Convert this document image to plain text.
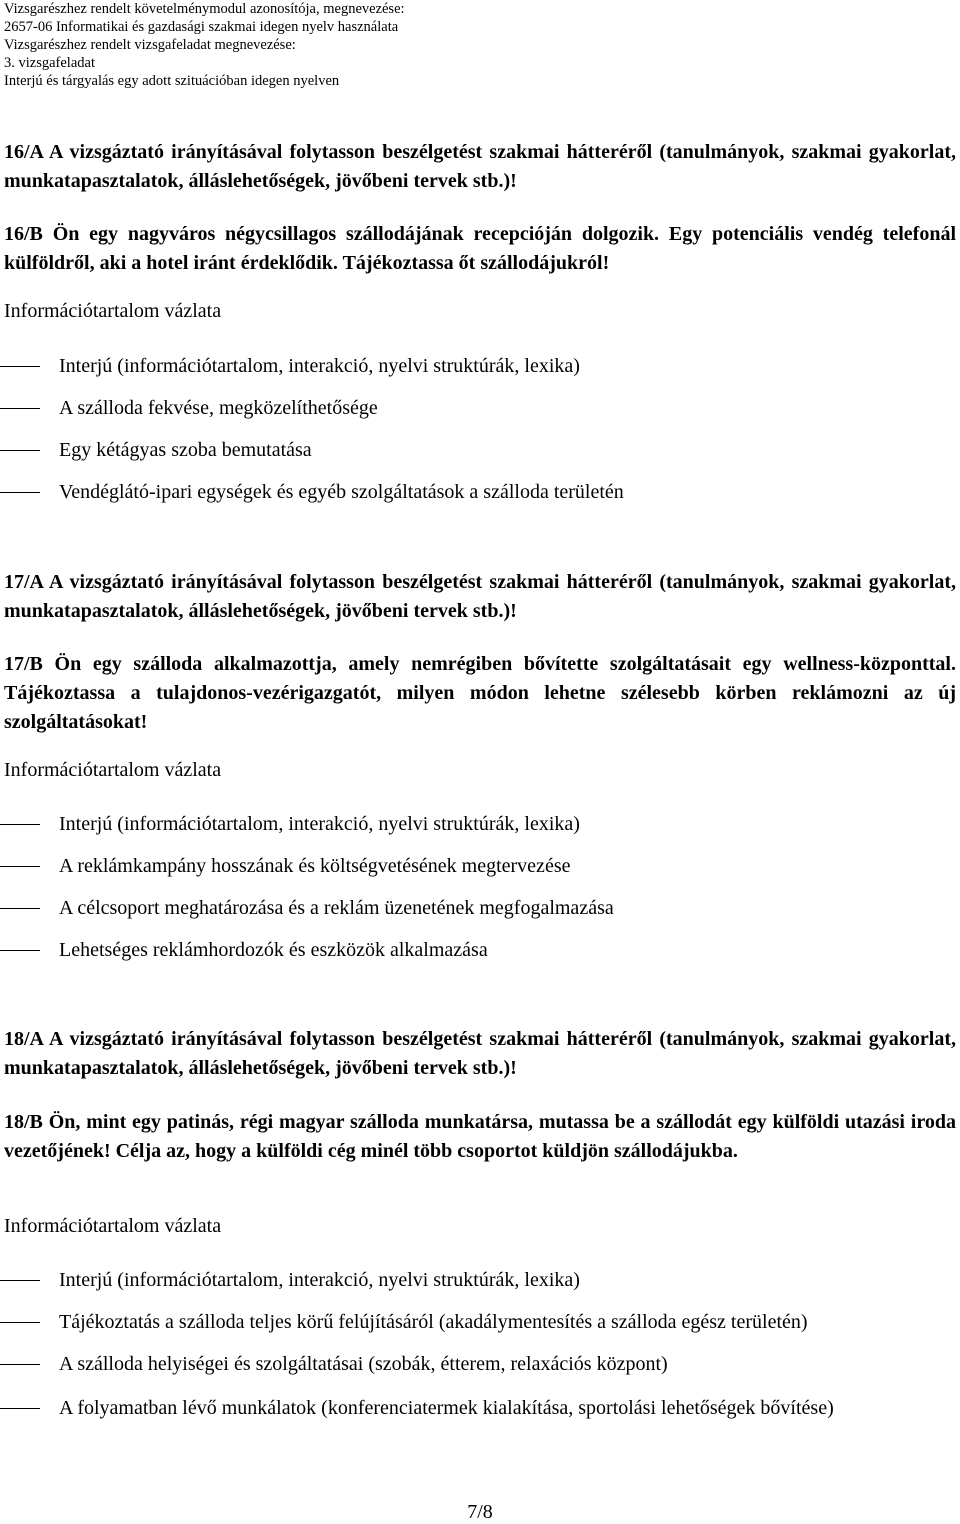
Vizsgarészhez rendelt követelménymodul azonosítója, megnevezése:
2657-06 Informatikai és gazdasági szakmai idegen nyelv használata
Vizsgarészhez rendelt vizsgafeladat megnevezése:
3. vizsgafeladat
Interjú és tárgyalás egy adott szituációban idegen nyelven
16/A A vizsgáztató irányításával folytasson beszélgetést szakmai hátteréről (tanulmányok, szakmai gyakorlat, munkatapasztalatok, álláslehetőségek, jövőbeni tervek stb.)!
16/B Ön egy nagyváros négycsillagos szállodájának recepcióján dolgozik. Egy potenciális vendég telefonál külföldről, aki a hotel iránt érdeklődik. Tájékoztassa őt szállodájukról!
Információtartalom vázlata
Interjú (információtartalom, interakció, nyelvi struktúrák, lexika)
A szálloda fekvése, megközelíthetősége
Egy kétágyas szoba bemutatása
Vendéglátó-ipari egységek és egyéb szolgáltatások a szálloda területén
17/A A vizsgáztató irányításával folytasson beszélgetést szakmai hátteréről (tanulmányok, szakmai gyakorlat, munkatapasztalatok, álláslehetőségek, jövőbeni tervek stb.)!
17/B Ön egy szálloda alkalmazottja, amely nemrégiben bővítette szolgáltatásait egy wellness-központtal. Tájékoztassa a tulajdonos-vezérigazgatót, milyen módon lehetne szélesebb körben reklámozni az új szolgáltatásokat!
Információtartalom vázlata
Interjú (információtartalom, interakció, nyelvi struktúrák, lexika)
A reklámkampány hosszának és költségvetésének megtervezése
A célcsoport meghatározása és a reklám üzenetének megfogalmazása
Lehetséges reklámhordozók és eszközök alkalmazása
18/A A vizsgáztató irányításával folytasson beszélgetést szakmai hátteréről (tanulmányok, szakmai gyakorlat, munkatapasztalatok, álláslehetőségek, jövőbeni tervek stb.)!
18/B Ön, mint egy patinás, régi magyar szálloda munkatársa, mutassa be a szállodát egy külföldi utazási iroda vezetőjének! Célja az, hogy a külföldi cég minél több csoportot küldjön szállodájukba.
Információtartalom vázlata
Interjú (információtartalom, interakció, nyelvi struktúrák, lexika)
Tájékoztatás a szálloda teljes körű felújításáról (akadálymentesítés a szálloda egész területén)
A szálloda helyiségei és szolgáltatásai (szobák, étterem, relaxációs központ)
A folyamatban lévő munkálatok (konferenciatermek kialakítása, sportolási lehetőségek bővítése)
7/8
